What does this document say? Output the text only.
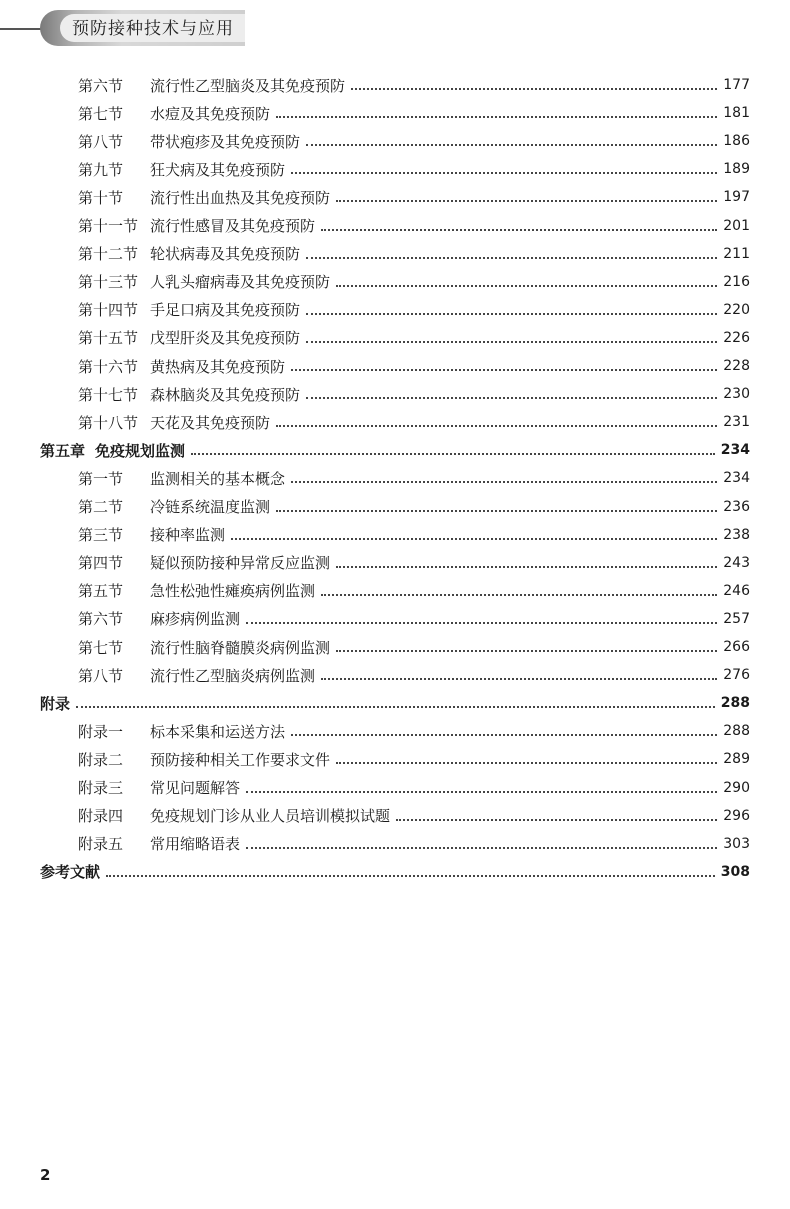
预防接种技术与应用
第六节	流行性乙型脑炎及其免疫预防	177
第七节	水痘及其免疫预防	181
第八节	带状疱疹及其免疫预防	186
第九节	狂犬病及其免疫预防	189
第十节	流行性出血热及其免疫预防	197
第十一节 流行性感冒及其免疫预防	201
第十二节 轮状病毒及其免疫预防	211
第十三节 人乳头瘤病毒及其免疫预防	216
第十四节 手足口病及其免疫预防	220
第十五节 戊型肝炎及其免疫预防	226
第十六节 黄热病及其免疫预防	228
第十七节 森林脑炎及其免疫预防	230
第十八节 天花及其免疫预防	231
第五章 免疫规划监测	234
第一节	监测相关的基本概念	234
第二节	冷链系统温度监测	236
第三节	接种率监测	238
第四节	疑似预防接种异常反应监测	243
第五节	急性松弛性瘫痪病例监测	246
第六节	麻疹病例监测	257
第七节	流行性脑脊髓膜炎病例监测	266
第八节	流行性乙型脑炎病例监测	276
附录	288
附录一	标本采集和运送方法	288
附录二	预防接种相关工作要求文件	289
附录三	常见问题解答	290
附录四	免疫规划门诊从业人员培训模拟试题	296
附录五	常用缩略语表	303
参考文献	308
2
